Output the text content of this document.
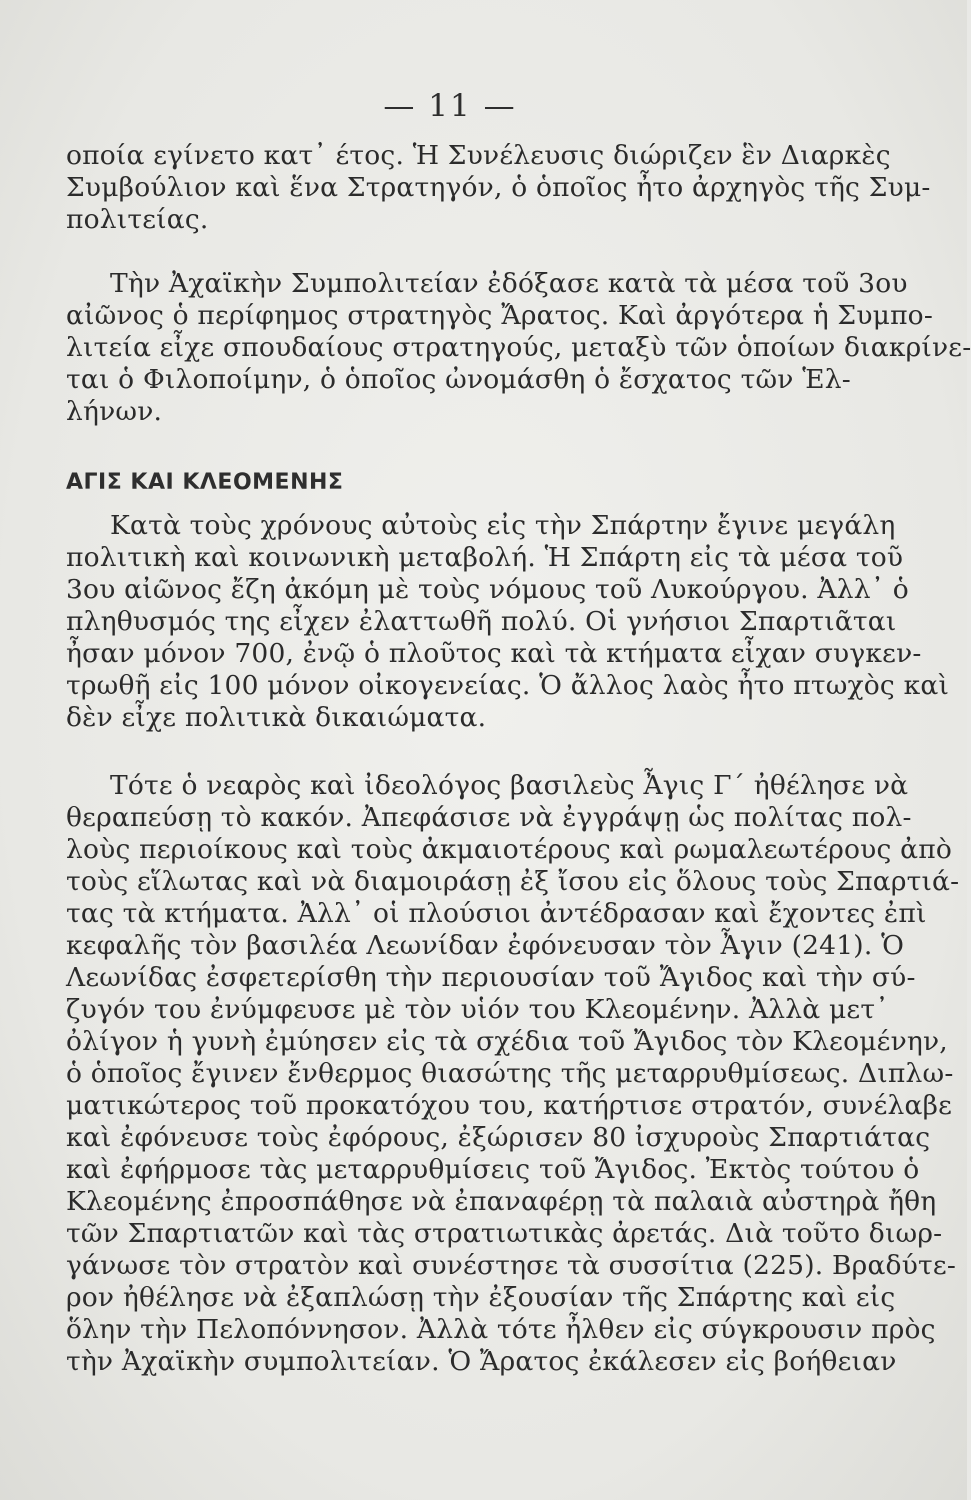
— 11 —
οποία εγίνετο κατ᾽ έτος. Ἡ Συνέλευσις διώριζεν ἓν Διαρκὲς
Συμβούλιον καὶ ἕνα Στρατηγόν, ὁ ὁποῖος ἦτο ἀρχηγὸς τῆς Συμ-
πολιτείας.
Τὴν Ἀχαϊκὴν Συμπολιτείαν ἐδόξασε κατὰ τὰ μέσα τοῦ 3ου
αἰῶνος ὁ περίφημος στρατηγὸς Ἄρατος. Καὶ ἀργότερα ἡ Συμπο-
λιτεία εἶχε σπουδαίους στρατηγούς, μεταξὺ τῶν ὁποίων διακρίνε-
ται ὁ Φιλοποίμην, ὁ ὁποῖος ὠνομάσθη ὁ ἔσχατος τῶν Ἑλ-
λήνων.
ΑΓΙΣ ΚΑΙ ΚΛΕΟΜΕΝΗΣ
Κατὰ τοὺς χρόνους αὐτοὺς εἰς τὴν Σπάρτην ἔγινε μεγάλη
πολιτικὴ καὶ κοινωνικὴ μεταβολή. Ἡ Σπάρτη εἰς τὰ μέσα τοῦ
3ου αἰῶνος ἔζη ἀκόμη μὲ τοὺς νόμους τοῦ Λυκούργου. Ἀλλ᾽ ὁ
πληθυσμός της εἶχεν ἐλαττωθῆ πολύ. Οἱ γνήσιοι Σπαρτιᾶται
ἦσαν μόνον 700, ἐνῷ ὁ πλοῦτος καὶ τὰ κτήματα εἶχαν συγκεν-
τρωθῆ εἰς 100 μόνον οἰκογενείας. Ὁ ἄλλος λαὸς ἦτο πτωχὸς καὶ
δὲν εἶχε πολιτικὰ δικαιώματα.
Τότε ὁ νεαρὸς καὶ ἰδεολόγος βασιλεὺς Ἆγις Γ΄ ἠθέλησε νὰ
θεραπεύσῃ τὸ κακόν. Ἀπεφάσισε νὰ ἐγγράψῃ ὡς πολίτας πολ-
λοὺς περιοίκους καὶ τοὺς ἀκμαιοτέρους καὶ ρωμαλεωτέρους ἀπὸ
τοὺς εἵλωτας καὶ νὰ διαμοιράσῃ ἐξ ἴσου εἰς ὅλους τοὺς Σπαρτιά-
τας τὰ κτήματα. Ἀλλ᾽ οἱ πλούσιοι ἀντέδρασαν καὶ ἔχοντες ἐπὶ
κεφαλῆς τὸν βασιλέα Λεωνίδαν ἐφόνευσαν τὸν Ἆγιν (241). Ὁ
Λεωνίδας ἐσφετερίσθη τὴν περιουσίαν τοῦ Ἄγιδος καὶ τὴν σύ-
ζυγόν του ἐνύμφευσε μὲ τὸν υἱόν του Κλεομένην. Ἀλλὰ μετ᾽
ὀλίγον ἡ γυνὴ ἐμύησεν εἰς τὰ σχέδια τοῦ Ἄγιδος τὸν Κλεομένην,
ὁ ὁποῖος ἔγινεν ἔνθερμος θιασώτης τῆς μεταρρυθμίσεως. Διπλω-
ματικώτερος τοῦ προκατόχου του, κατήρτισε στρατόν, συνέλαβε
καὶ ἐφόνευσε τοὺς ἐφόρους, ἐξώρισεν 80 ἰσχυροὺς Σπαρτιάτας
καὶ ἐφήρμοσε τὰς μεταρρυθμίσεις τοῦ Ἄγιδος. Ἐκτὸς τούτου ὁ
Κλεομένης ἐπροσπάθησε νὰ ἐπαναφέρῃ τὰ παλαιὰ αὐστηρὰ ἤθη
τῶν Σπαρτιατῶν καὶ τὰς στρατιωτικὰς ἀρετάς. Διὰ τοῦτο διωρ-
γάνωσε τὸν στρατὸν καὶ συνέστησε τὰ συσσίτια (225). Βραδύτε-
ρον ἠθέλησε νὰ ἐξαπλώσῃ τὴν ἐξουσίαν τῆς Σπάρτης καὶ εἰς
ὅλην τὴν Πελοπόννησον. Ἀλλὰ τότε ἦλθεν εἰς σύγκρουσιν πρὸς
τὴν Ἀχαϊκὴν συμπολιτείαν. Ὁ Ἄρατος ἐκάλεσεν εἰς βοήθειαν
